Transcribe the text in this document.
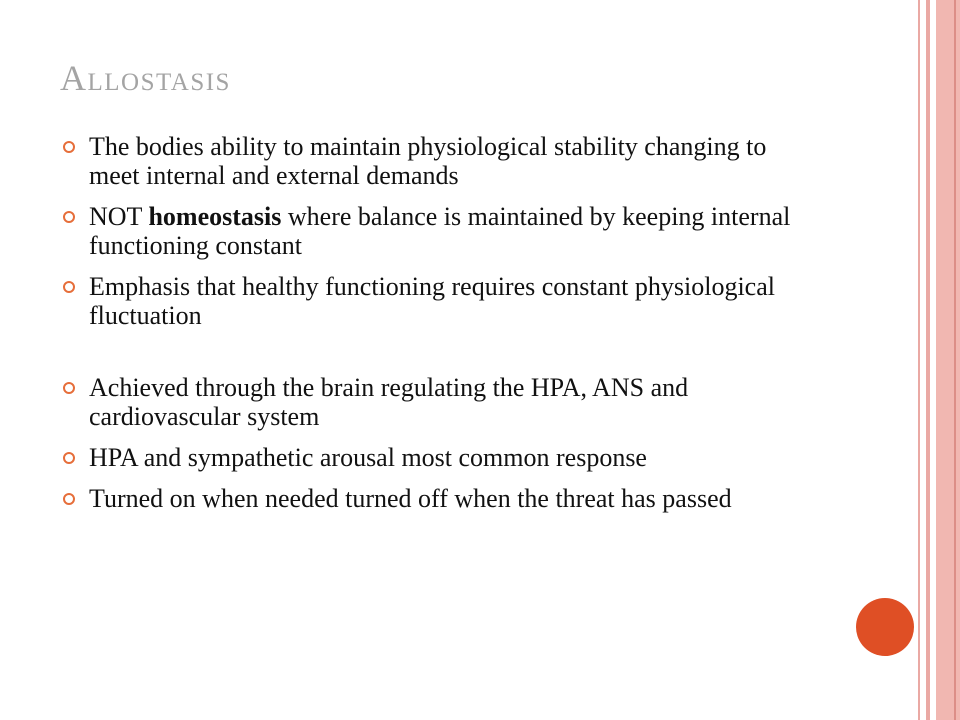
Allostasis
The bodies ability to maintain physiological stability changing to meet internal and external demands
NOT homeostasis where balance is maintained by keeping internal functioning constant
Emphasis that healthy functioning requires constant physiological fluctuation
Achieved through the brain regulating the HPA, ANS and cardiovascular system
HPA and sympathetic arousal most common response
Turned on when needed turned off when the threat has passed
